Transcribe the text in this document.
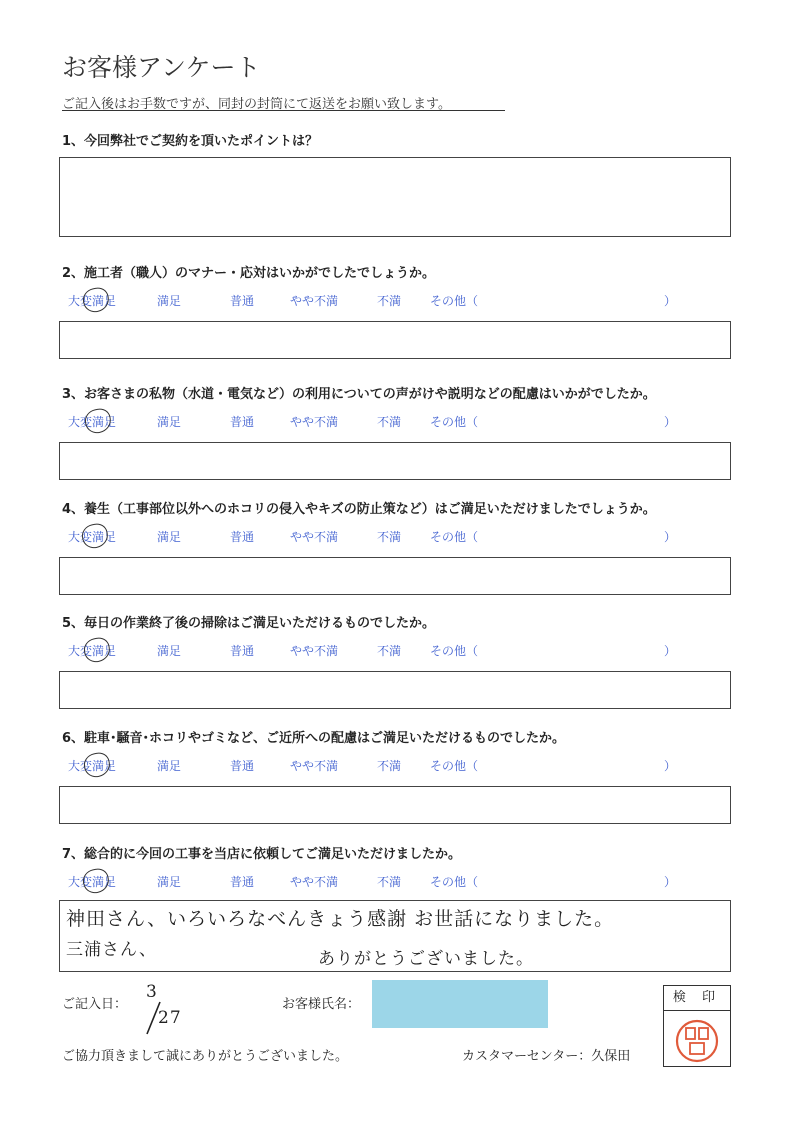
お客様アンケート
ご記入後はお手数ですが、同封の封筒にて返送をお願い致します。
1、今回弊社でご契約を頂いたポイントは？
2、施工者（職人）のマナー・応対はいかがでしたでしょうか。
大変満足	満足	普通	やや不満	不満 その他（	）
3、お客さまの私物（水道・電気など）の利用についての声がけや説明などの配慮はいかがでしたか。
大変満足	満足	普通	やや不満	不満 その他（	）
4、養生（工事部位以外へのホコリの侵入やキズの防止策など）はご満足いただけましたでしょうか。
大変満足	満足	普通	やや不満	不満 その他（	）
5、毎日の作業終了後の掃除はご満足いただけるものでしたか。
大変満足	満足	普通	やや不満	不満 その他（	）
6、駐車･騒音･ホコリやゴミなど、ご近所への配慮はご満足いただけるものでしたか。
大変満足	満足	普通	やや不満	不満 その他（	）
7、総合的に今回の工事を当店に依頼してご満足いただけましたか。
大変満足	満足	普通	やや不満	不満 その他（	）
神田さん、いろいろなべんきょう感謝 お世話になりました。
三浦さん、	ありがとうございました。
ご記入日：
3
27
お客様氏名：	検 印
ご協力頂きまして誠にありがとうございました。	カスタマーセンター：久保田
